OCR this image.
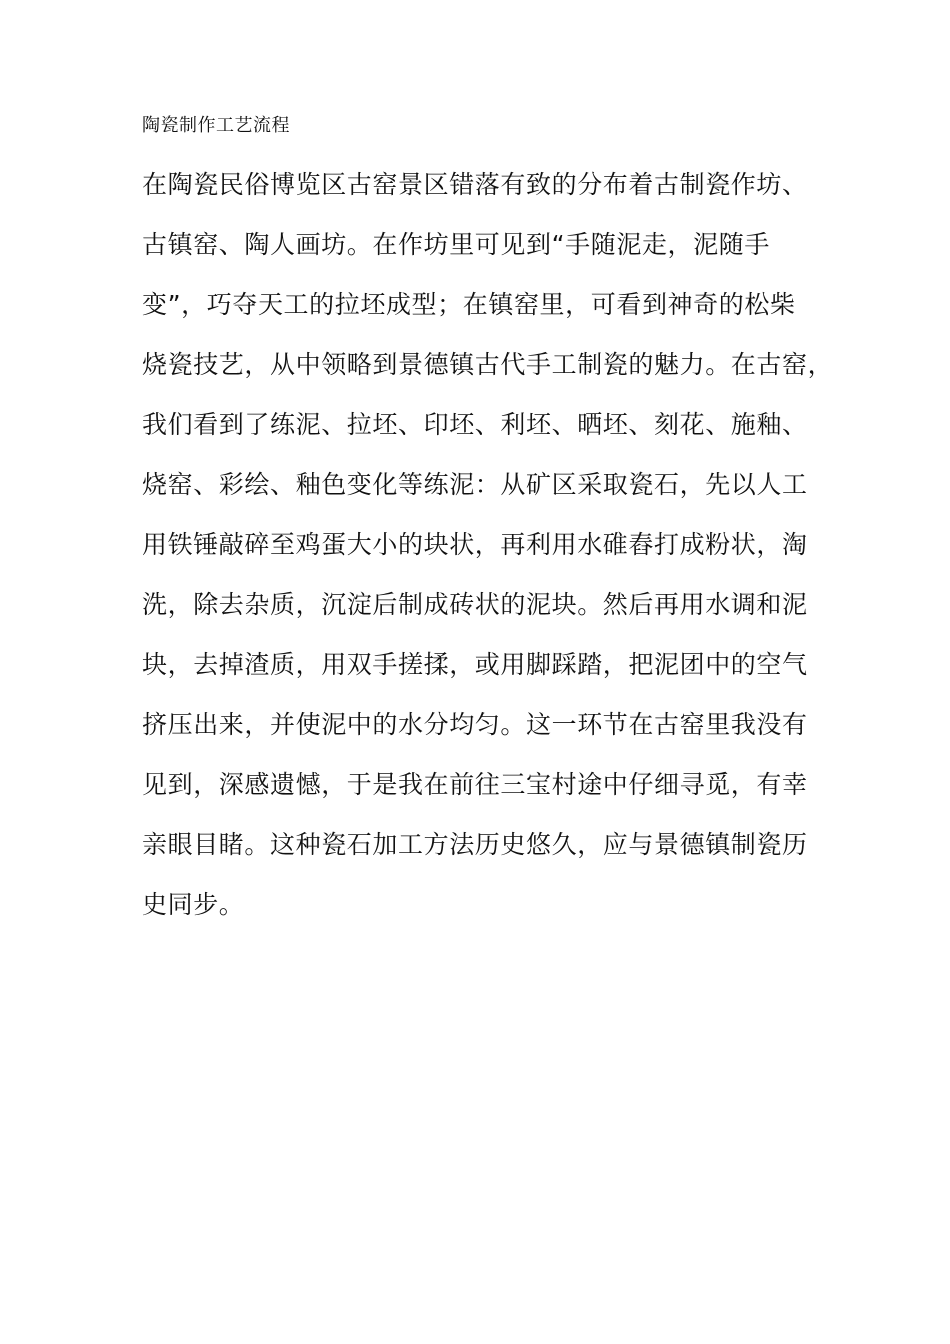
陶瓷制作工艺流程
在陶瓷民俗博览区古窑景区错落有致的分布着古制瓷作坊、
古镇窑、陶人画坊。在作坊里可见到“手随泥走，泥随手
变”，巧夺天工的拉坯成型；在镇窑里，可看到神奇的松柴
烧瓷技艺，从中领略到景德镇古代手工制瓷的魅力。在古窑，
我们看到了练泥、拉坯、印坯、利坯、晒坯、刻花、施釉、
烧窑、彩绘、釉色变化等练泥：从矿区采取瓷石，先以人工
用铁锤敲碎至鸡蛋大小的块状，再利用水碓舂打成粉状，淘
洗，除去杂质，沉淀后制成砖状的泥块。然后再用水调和泥
块，去掉渣质，用双手搓揉，或用脚踩踏，把泥团中的空气
挤压出来，并使泥中的水分均匀。这一环节在古窑里我没有
见到，深感遗憾，于是我在前往三宝村途中仔细寻觅，有幸
亲眼目睹。这种瓷石加工方法历史悠久，应与景德镇制瓷历
史同步。
